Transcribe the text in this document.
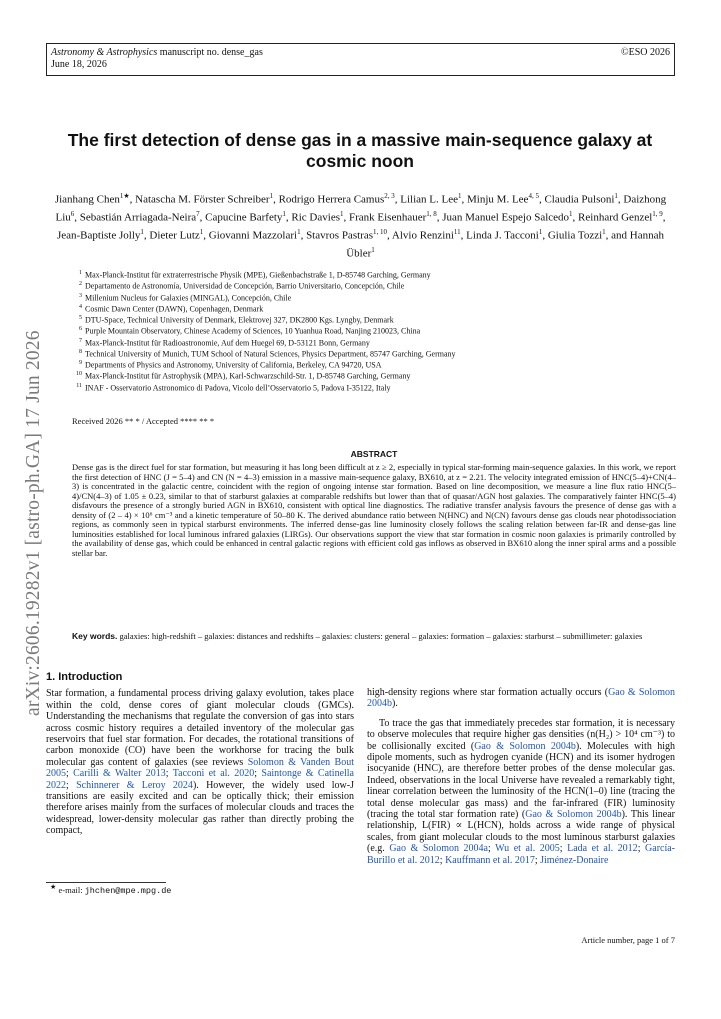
Astronomy & Astrophysics manuscript no. dense_gas
June 18, 2026
©ESO 2026
The first detection of dense gas in a massive main-sequence galaxy at cosmic noon
Jianhang Chen$^{1★}$, Natascha M. Förster Schreiber$^1$, Rodrigo Herrera Camus$^{2, 3}$, Lilian L. Lee$^1$, Minju M. Lee$^{4, 5}$, Claudia Pulsoni$^1$, Daizhong Liu$^6$, Sebastián Arriagada-Neira$^7$, Capucine Barfety$^1$, Ric Davies$^1$, Frank Eisenhauer$^{1, 8}$, Juan Manuel Espejo Salcedo$^1$, Reinhard Genzel$^{1, 9}$, Jean-Baptiste Jolly$^1$, Dieter Lutz$^1$, Giovanni Mazzolari$^1$, Stavros Pastras$^{1, 10}$, Alvio Renzini$^{11}$, Linda J. Tacconi$^1$, Giulia Tozzi$^1$, and Hannah Übler$^1$
$^1$ Max-Planck-Institut für extraterrestrische Physik (MPE), Gießenbachstraße 1, D-85748 Garching, Germany
$^2$ Departamento de Astronomía, Universidad de Concepción, Barrio Universitario, Concepción, Chile
$^3$ Millenium Nucleus for Galaxies (MINGAL), Concepción, Chile
$^4$ Cosmic Dawn Center (DAWN), Copenhagen, Denmark
$^5$ DTU-Space, Technical University of Denmark, Elektrovej 327, DK2800 Kgs. Lyngby, Denmark
$^6$ Purple Mountain Observatory, Chinese Academy of Sciences, 10 Yuanhua Road, Nanjing 210023, China
$^7$ Max-Planck-Institut für Radioastronomie, Auf dem Huegel 69, D-53121 Bonn, Germany
$^8$ Technical University of Munich, TUM School of Natural Sciences, Physics Department, 85747 Garching, Germany
$^9$ Departments of Physics and Astronomy, University of California, Berkeley, CA 94720, USA
$^{10}$ Max-Planck-Institut für Astrophysik (MPA), Karl-Schwarzschild-Str. 1, D-85748 Garching, Germany
$^{11}$ INAF - Osservatorio Astronomico di Padova, Vicolo dell’Osservatorio 5, Padova I-35122, Italy
Received 2026 ** * / Accepted **** ** *
ABSTRACT
Dense gas is the direct fuel for star formation, but measuring it has long been difficult at z ≥ 2, especially in typical star-forming main-sequence galaxies. In this work, we report the first detection of HNC (J = 5–4) and CN (N = 4–3) emission in a massive main-sequence galaxy, BX610, at z = 2.21. The velocity integrated emission of HNC(5–4)+CN(4–3) is concentrated in the galactic centre, coincident with the region of ongoing intense star formation. Based on line decomposition, we measure a line flux ratio HNC(5–4)/CN(4–3) of 1.05 ± 0.23, similar to that of starburst galaxies at comparable redshifts but lower than that of quasar/AGN host galaxies. The comparatively fainter HNC(5–4) disfavours the presence of a strongly buried AGN in BX610, consistent with optical line diagnostics. The radiative transfer analysis favours the presence of dense gas with a density of (2 – 4) × 10⁶ cm⁻³ and a kinetic temperature of 50–80 K. The derived abundance ratio between N(HNC) and N(CN) favours dense gas clouds near photodissociation regions, as commonly seen in typical starburst environments. The inferred dense-gas line luminosity closely follows the scaling relation between far-IR and dense-gas line luminosities established for local luminous infrared galaxies (LIRGs). Our observations support the view that star formation in cosmic noon galaxies is primarily controlled by the availability of dense gas, which could be enhanced in central galactic regions with efficient cold gas inflows as observed in BX610 along the inner spiral arms and a possible stellar bar.
Key words. galaxies: high-redshift – galaxies: distances and redshifts – galaxies: clusters: general – galaxies: formation – galaxies: starburst – submillimeter: galaxies
arXiv:2606.19282v1 [astro-ph.GA] 17 Jun 2026 1. Introduction

Star formation, a fundamental process driving galaxy evolution, takes place within the cold, dense cores of giant molecular clouds (GMCs). Understanding the mechanisms that regulate the conversion of gas into stars across cosmic history requires a detailed inventory of the molecular gas reservoirs that fuel star formation. For decades, the rotational transitions of carbon monoxide (CO) have been the workhorse for tracing the bulk molecular gas content of galaxies (see reviews Solomon & Vanden Bout 2005; Carilli & Walter 2013; Tacconi et al. 2020; Saintonge & Catinella 2022; Schinnerer & Leroy 2024). However, the widely used low-J transitions are easily excited and can be optically thick; their emission therefore arises mainly from the surfaces of molecular clouds and traces the widespread, lower-density molecular gas rather than directly probing the compact,

high-density regions where star formation actually occurs (Gao & Solomon 2004b).

To trace the gas that immediately precedes star formation, it is necessary to observe molecules that require higher gas densities (n(H₂) > 10⁴ cm⁻³) to be collisionally excited (Gao & Solomon 2004b). Molecules with high dipole moments, such as hydrogen cyanide (HCN) and its isomer hydrogen isocyanide (HNC), are therefore better probes of the dense molecular gas. Indeed, observations in the local Universe have revealed a remarkably tight, linear correlation between the luminosity of the HCN(1–0) line (tracing the total dense molecular gas mass) and the far-infrared (FIR) luminosity (tracing the total star formation rate) (Gao & Solomon 2004b). This linear relationship, L(FIR) ∝ L(HCN), holds across a wide range of physical scales, from giant molecular clouds to the most luminous starburst galaxies (e.g. Gao & Solomon 2004a; Wu et al. 2005; Lada et al. 2012; García-Burillo et al. 2012; Kauffmann et al. 2017; Jiménez-Donaire

★ e-mail: jhchen@mpe.mpg.de
Article number, page 1 of 7
